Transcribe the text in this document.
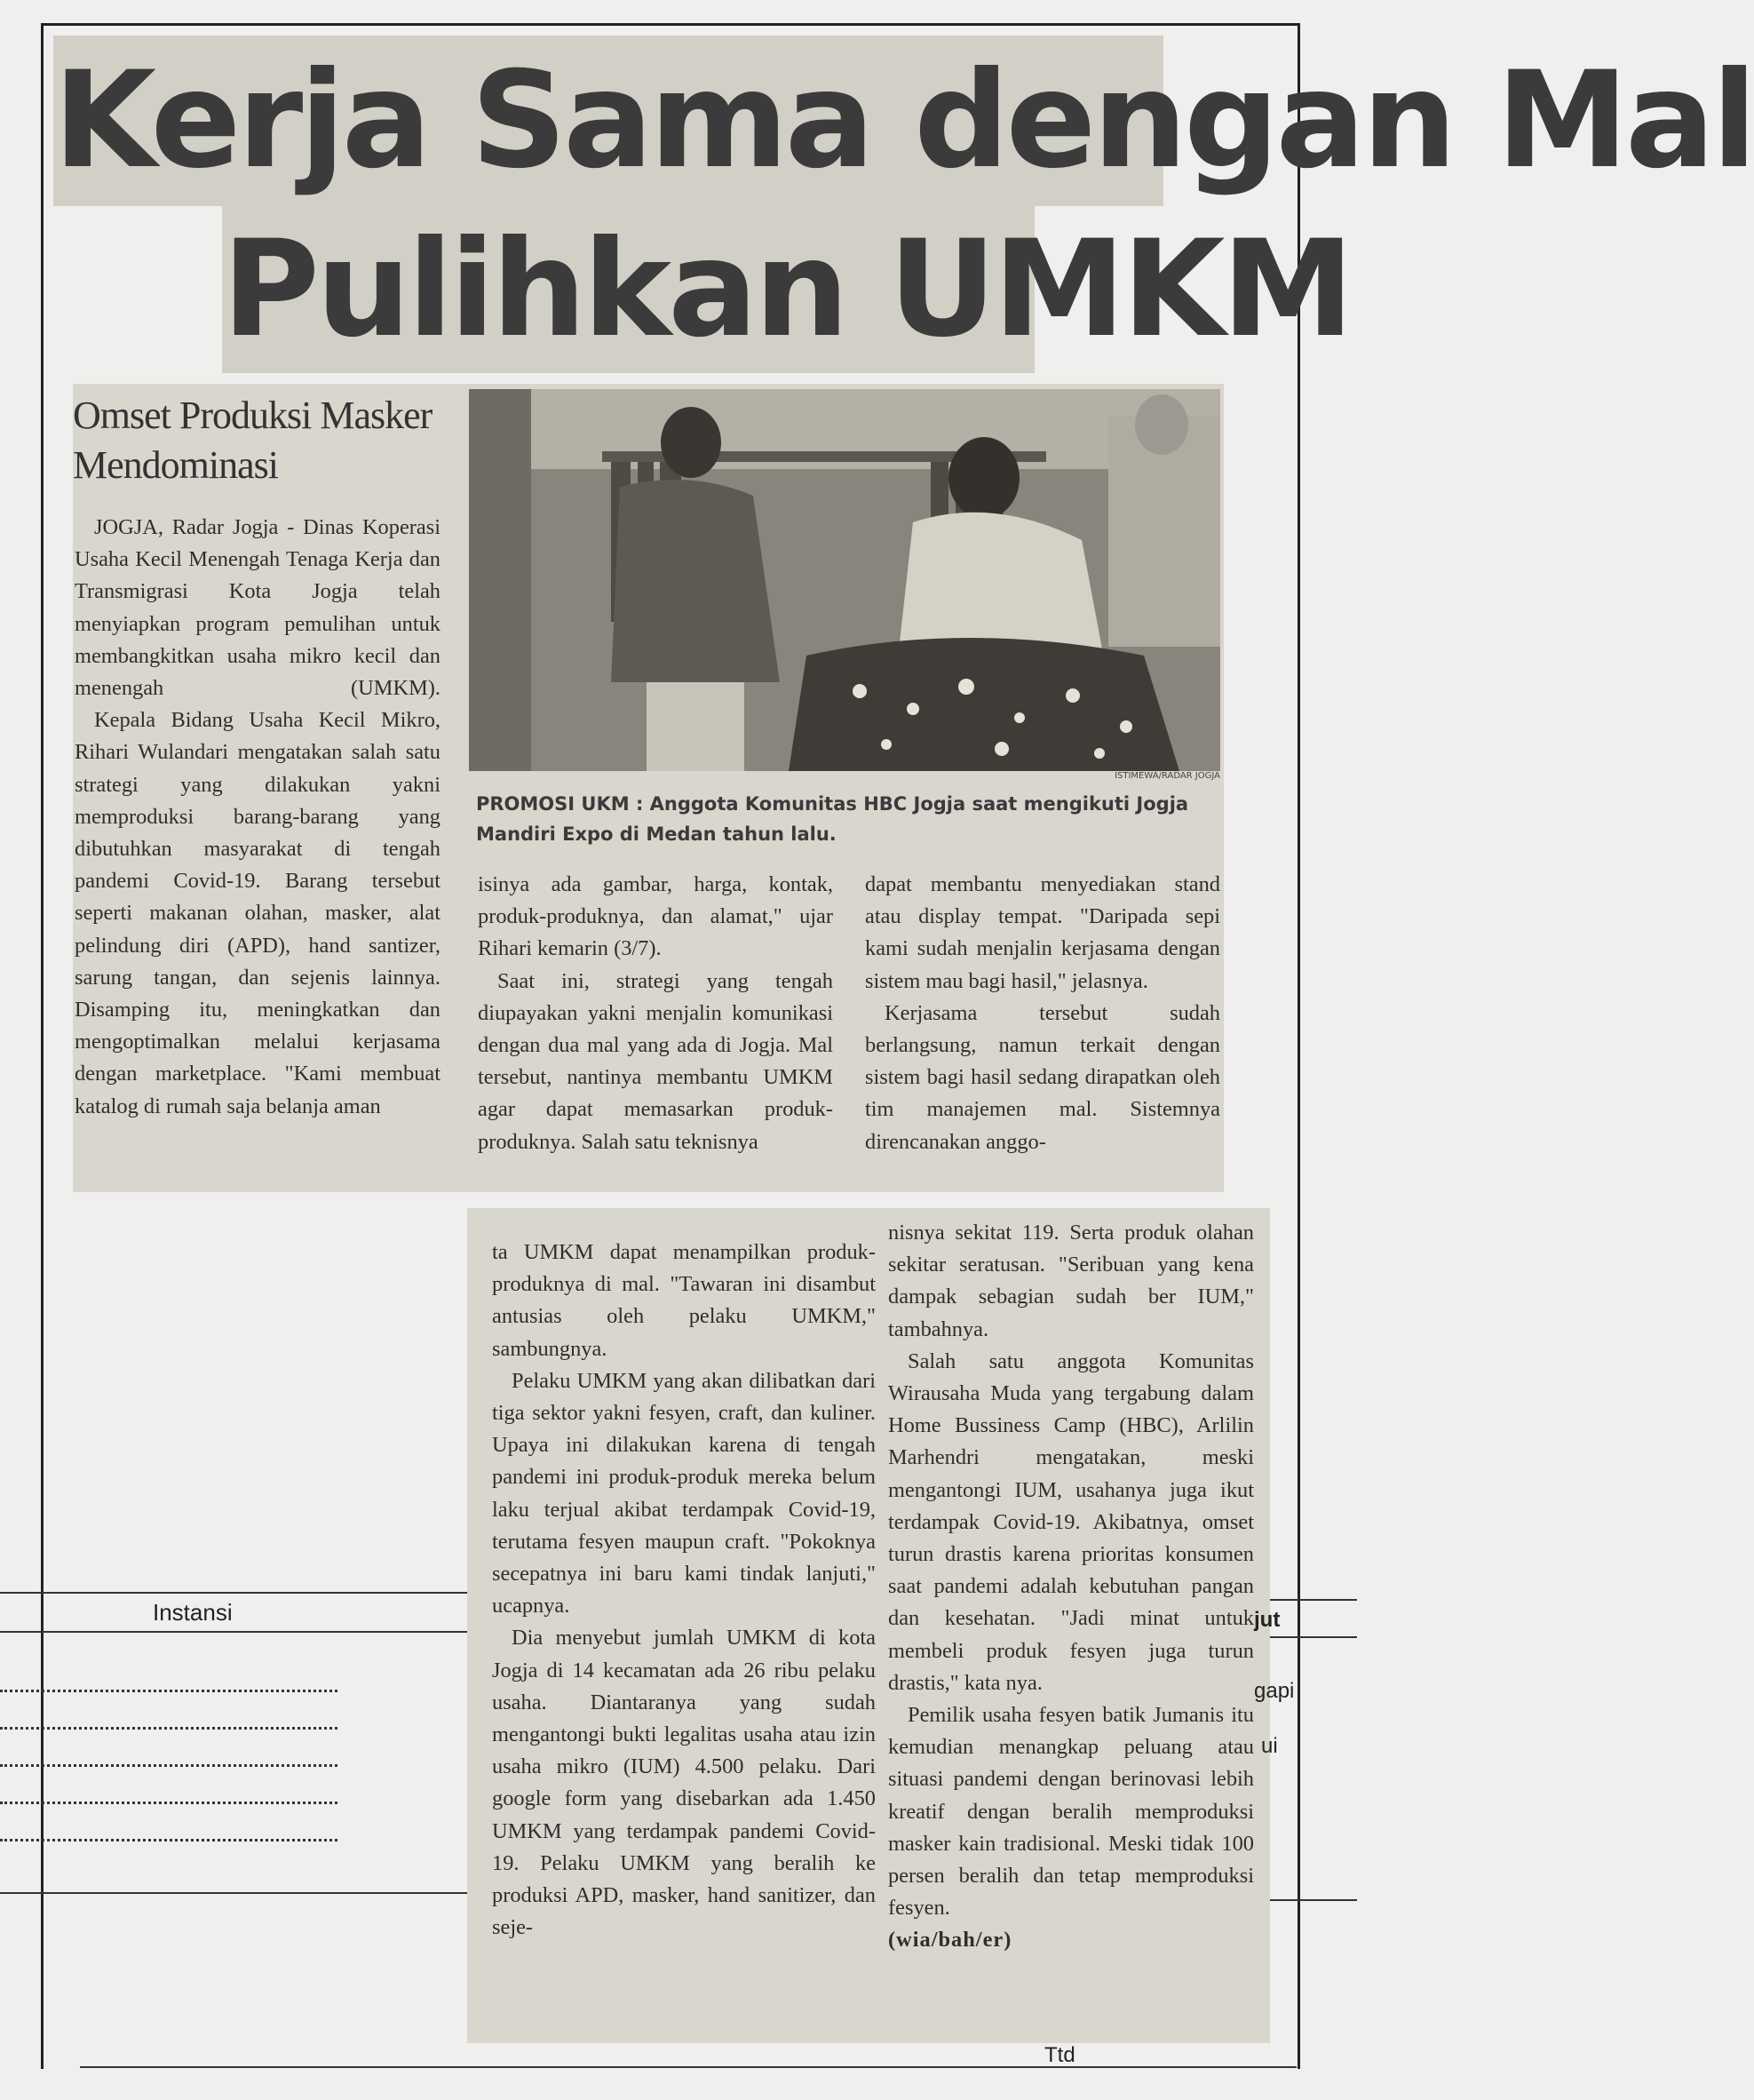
Kerja Sama dengan Mal
Pulihkan UMKM
Omset Produksi Masker Mendominasi
ISTIMEWA/RADAR JOGJA
PROMOSI UKM : Anggota Komunitas HBC Jogja saat mengikuti Jogja Mandiri Expo di Medan tahun lalu.

JOGJA, Radar Jogja - Dinas Koperasi Usaha Kecil Menengah Tenaga Kerja dan Transmigrasi Kota Jogja telah menyiapkan program pemulihan untuk membangkitkan usaha mikro kecil dan menengah (UMKM).

Kepala Bidang Usaha Kecil Mikro, Rihari Wulandari mengatakan salah satu strategi yang dilakukan yakni memproduksi barang-barang yang dibutuhkan masyarakat di tengah pandemi Covid-19. Barang tersebut seperti makanan olahan, masker, alat pelindung diri (APD), hand santizer, sarung tangan, dan sejenis lainnya. Disamping itu, meningkatkan dan mengoptimalkan melalui kerjasama dengan marketplace. "Kami membuat katalog di rumah saja belanja aman

isinya ada gambar, harga, kontak, produk-produknya, dan alamat," ujar Rihari kemarin (3/7).

Saat ini, strategi yang tengah diupayakan yakni menjalin komunikasi dengan dua mal yang ada di Jogja. Mal tersebut, nantinya membantu UMKM agar dapat memasarkan produk-produknya. Salah satu teknisnya

dapat membantu menyediakan stand atau display tempat. "Daripada sepi kami sudah menjalin kerjasama dengan sistem mau bagi hasil," jelasnya.

Kerjasama tersebut sudah berlangsung, namun terkait dengan sistem bagi hasil sedang dirapatkan oleh tim manajemen mal. Sistemnya direncanakan anggo-

ta UMKM dapat menampilkan produk-produknya di mal. "Tawaran ini disambut antusias oleh pelaku UMKM," sambungnya.

Pelaku UMKM yang akan dilibatkan dari tiga sektor yakni fesyen, craft, dan kuliner. Upaya ini dilakukan karena di tengah pandemi ini produk-produk mereka belum laku terjual akibat terdampak Covid-19, terutama fesyen maupun craft. "Pokoknya secepatnya ini baru kami tindak lanjuti," ucapnya.

Dia menyebut jumlah UMKM di kota Jogja di 14 kecamatan ada 26 ribu pelaku usaha. Diantaranya yang sudah mengantongi bukti legalitas usaha atau izin usaha mikro (IUM) 4.500 pelaku. Dari google form yang disebarkan ada 1.450 UMKM yang terdampak pandemi Covid-19. Pelaku UMKM yang beralih ke produksi APD, masker, hand sanitizer, dan seje-

nisnya sekitat 119. Serta produk olahan sekitar seratusan. "Seribuan yang kena dampak sebagian sudah ber IUM," tambahnya.

Salah satu anggota Komunitas Wirausaha Muda yang tergabung dalam Home Bussiness Camp (HBC), Arlilin Marhendri mengatakan, meski mengantongi IUM, usahanya juga ikut terdampak Covid-19. Akibatnya, omset turun drastis karena prioritas konsumen saat pandemi adalah kebutuhan pangan dan kesehatan. "Jadi minat untuk membeli produk fesyen juga turun drastis," kata nya.

Pemilik usaha fesyen batik Jumanis itu kemudian menangkap peluang atau situasi pandemi dengan berinovasi lebih kreatif dengan beralih memproduksi masker kain tradisional. Meski tidak 100 persen beralih dan tetap memproduksi fesyen.

(wia/bah/er)

Instansi	jut
gapi
ui
Ttd
